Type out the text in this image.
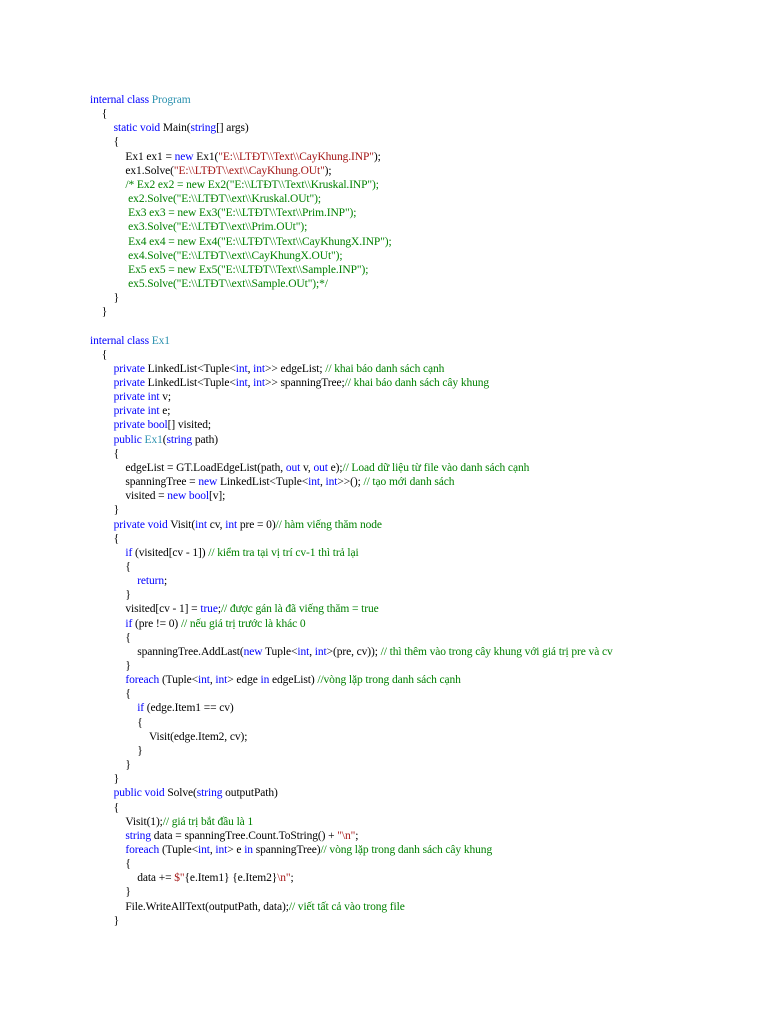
internal class Program
{
static void Main(string[] args)
{
Ex1 ex1 = new Ex1("E:\\LTĐT\\Text\\CayKhung.INP");
ex1.Solve("E:\\LTĐT\\ext\\CayKhung.OUt");
/* Ex2 ex2 = new Ex2("E:\\LTĐT\\Text\\Kruskal.INP");
ex2.Solve("E:\\LTĐT\\ext\\Kruskal.OUt");
Ex3 ex3 = new Ex3("E:\\LTĐT\\Text\\Prim.INP");
ex3.Solve("E:\\LTĐT\\ext\\Prim.OUt");
Ex4 ex4 = new Ex4("E:\\LTĐT\\Text\\CayKhungX.INP");
ex4.Solve("E:\\LTĐT\\ext\\CayKhungX.OUt");
Ex5 ex5 = new Ex5("E:\\LTĐT\\Text\\Sample.INP");
ex5.Solve("E:\\LTĐT\\ext\\Sample.OUt");*/
}
}
internal class Ex1
{
private LinkedList<Tuple<int, int>> edgeList; // khai báo danh sách cạnh
private LinkedList<Tuple<int, int>> spanningTree;// khai báo danh sách cây khung
private int v;
private int e;
private bool[] visited;
public Ex1(string path)
{
edgeList = GT.LoadEdgeList(path, out v, out e);// Load dữ liệu từ file vào danh sách cạnh
spanningTree = new LinkedList<Tuple<int, int>>(); // tạo mới danh sách
visited = new bool[v];
}
private void Visit(int cv, int pre = 0)// hàm viếng thăm node
{
if (visited[cv - 1]) // kiểm tra tại vị trí cv-1 thì trả lại
{
return;
}
visited[cv - 1] = true;// được gán là đã viếng thăm = true
if (pre != 0) // nếu giá trị trước là khác 0
{
spanningTree.AddLast(new Tuple<int, int>(pre, cv)); // thì thêm vào trong cây khung với giá trị pre và cv
}
foreach (Tuple<int, int> edge in edgeList) //vòng lặp trong danh sách cạnh
{
if (edge.Item1 == cv)
{
Visit(edge.Item2, cv);
}
}
}
public void Solve(string outputPath)
{
Visit(1);// giá trị bắt đầu là 1
string data = spanningTree.Count.ToString() + "\n";
foreach (Tuple<int, int> e in spanningTree)// vòng lặp trong danh sách cây khung
{
data += $"{e.Item1} {e.Item2}\n";
}
File.WriteAllText(outputPath, data);// viết tất cả vào trong file
}
